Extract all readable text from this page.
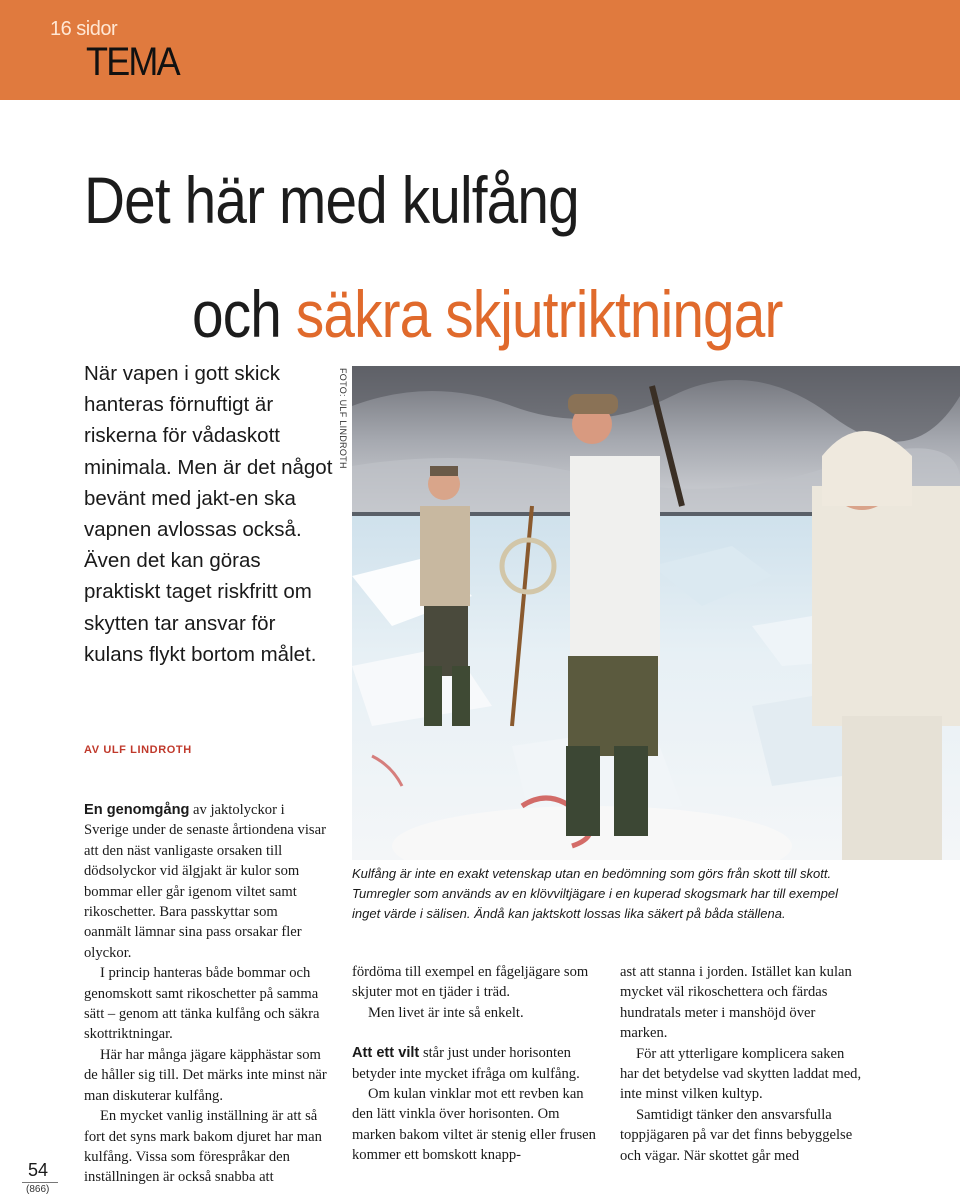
16 sidor
TEMA
Det här med kulfång
och säkra skjutriktningar

När vapen i gott skick hanteras förnuftigt är riskerna för vådaskott minimala. Men är det något bevänt med jakt-en ska vapnen avlossas också. Även det kan göras praktiskt taget riskfritt om skytten tar ansvar för kulans flykt bortom målet.

FOTO: ULF LINDROTH
AV ULF LINDROTH

En genomgång av jaktolyckor i Sverige under de senaste årtiondena visar att den näst vanligaste orsaken till dödsolyckor vid älgjakt är kulor som bommar eller går igenom viltet samt rikoschetter. Bara passkyttar som oanmält lämnar sina pass orsakar fler olyckor.

I princip hanteras både bommar och genomskott samt rikoschetter på samma sätt – genom att tänka kulfång och säkra skottriktningar.

Här har många jägare käpphästar som de håller sig till. Det märks inte minst när man diskuterar kulfång.

En mycket vanlig inställning är att så fort det syns mark bakom djuret har man kulfång. Vissa som förespråkar den inställningen är också snabba att

Kulfång är inte en exakt vetenskap utan en bedömning som görs från skott till skott.

Tumregler som används av en klövviltjägare i en kuperad skogsmark har till exempel

inget värde i sälisen. Ändå kan jaktskott lossas lika säkert på båda ställena.

fördöma till exempel en fågeljägare som skjuter mot en tjäder i träd.

Men livet är inte så enkelt.

Att ett vilt står just under horisonten betyder inte mycket ifråga om kulfång.

Om kulan vinklar mot ett revben kan den lätt vinkla över horisonten. Om marken bakom viltet är stenig eller frusen kommer ett bomskott knapp-

ast att stanna i jorden. Istället kan kulan mycket väl rikoschettera och färdas hundratals meter i manshöjd över marken.

För att ytterligare komplicera saken har det betydelse vad skytten laddat med, inte minst vilken kultyp.

Samtidigt tänker den ansvarsfulla toppjägaren på var det finns bebyggelse och vägar. När skottet går med

54
(866)
